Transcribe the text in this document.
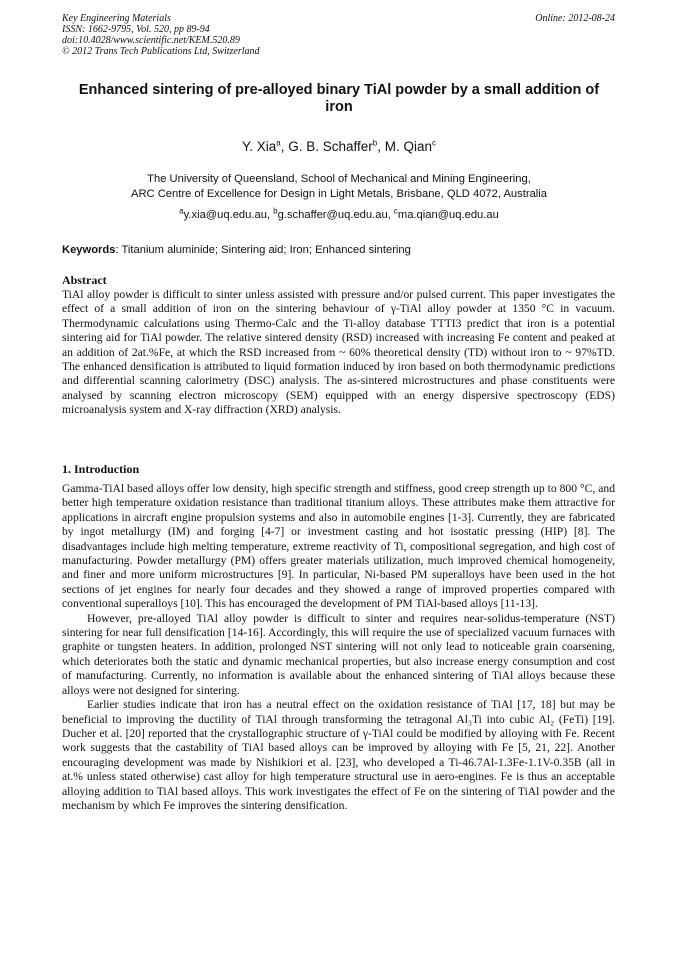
Key Engineering Materials
ISSN: 1662-9795, Vol. 520, pp 89-94
doi:10.4028/www.scientific.net/KEM.520.89
© 2012 Trans Tech Publications Ltd, Switzerland
Online: 2012-08-24
Enhanced sintering of pre-alloyed binary TiAl powder by a small addition of iron
Y. Xia$^a$, G. B. Schaffer$^b$, M. Qian$^c$
The University of Queensland, School of Mechanical and Mining Engineering,
ARC Centre of Excellence for Design in Light Metals, Brisbane, QLD 4072, Australia
$^a$y.xia@uq.edu.au, $^b$g.schaffer@uq.edu.au, $^c$ma.qian@uq.edu.au
Keywords: Titanium aluminide; Sintering aid; Iron; Enhanced sintering
Abstract

TiAl alloy powder is difficult to sinter unless assisted with pressure and/or pulsed current. This paper investigates the effect of a small addition of iron on the sintering behaviour of γ-TiAl alloy powder at 1350 °C in vacuum. Thermodynamic calculations using Thermo-Calc and the Ti-alloy database TTTI3 predict that iron is a potential sintering aid for TiAl powder. The relative sintered density (RSD) increased with increasing Fe content and peaked at an addition of 2at.%Fe, at which the RSD increased from ~ 60% theoretical density (TD) without iron to ~ 97%TD. The enhanced densification is attributed to liquid formation induced by iron based on both thermodynamic predictions and differential scanning calorimetry (DSC) analysis. The as-sintered microstructures and phase constituents were analysed by scanning electron microscopy (SEM) equipped with an energy dispersive spectroscopy (EDS) microanalysis system and X-ray diffraction (XRD) analysis.

1. Introduction

Gamma-TiAl based alloys offer low density, high specific strength and stiffness, good creep strength up to 800 °C, and better high temperature oxidation resistance than traditional titanium alloys. These attributes make them attractive for applications in aircraft engine propulsion systems and also in automobile engines [1-3]. Currently, they are fabricated by ingot metallurgy (IM) and forging [4-7] or investment casting and hot isostatic pressing (HIP) [8]. The disadvantages include high melting temperature, extreme reactivity of Ti, compositional segregation, and high cost of manufacturing. Powder metallurgy (PM) offers greater materials utilization, much improved chemical homogeneity, and finer and more uniform microstructures [9]. In particular, Ni-based PM superalloys have been used in the hot sections of jet engines for nearly four decades and they showed a range of improved properties compared with conventional superalloys [10]. This has encouraged the development of PM TiAl-based alloys [11-13].

However, pre-alloyed TiAl alloy powder is difficult to sinter and requires near-solidus-temperature (NST) sintering for near full densification [14-16]. Accordingly, this will require the use of specialized vacuum furnaces with graphite or tungsten heaters. In addition, prolonged NST sintering will not only lead to noticeable grain coarsening, which deteriorates both the static and dynamic mechanical properties, but also increase energy consumption and cost of manufacturing. Currently, no information is available about the enhanced sintering of TiAl alloys because these alloys were not designed for sintering.

Earlier studies indicate that iron has a neutral effect on the oxidation resistance of TiAl [17, 18] but may be beneficial to improving the ductility of TiAl through transforming the tetragonal Al₃Ti into cubic Al₂ (FeTi) [19]. Ducher et al. [20] reported that the crystallographic structure of γ-TiAl could be modified by alloying with Fe. Recent work suggests that the castability of TiAl based alloys can be improved by alloying with Fe [5, 21, 22]. Another encouraging development was made by Nishikiori et al. [23], who developed a Ti-46.7Al-1.3Fe-1.1V-0.35B (all in at.% unless stated otherwise) cast alloy for high temperature structural use in aero-engines. Fe is thus an acceptable alloying addition to TiAl based alloys. This work investigates the effect of Fe on the sintering of TiAl powder and the mechanism by which Fe improves the sintering densification.
